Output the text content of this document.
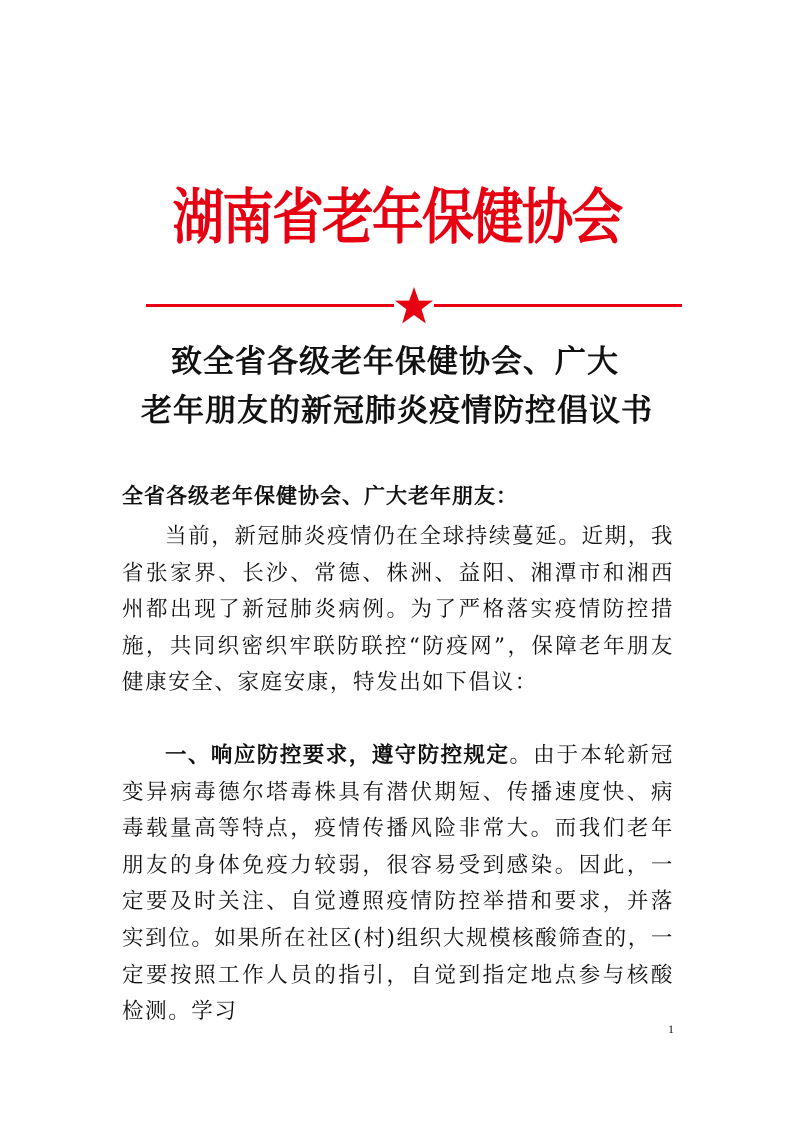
湖南省老年保健协会
致全省各级老年保健协会、广大
老年朋友的新冠肺炎疫情防控倡议书
全省各级老年保健协会、广大老年朋友：

当前，新冠肺炎疫情仍在全球持续蔓延。近期，我省张家界、长沙、常德、株洲、益阳、湘潭市和湘西州都出现了新冠肺炎病例。为了严格落实疫情防控措施，共同织密织牢联防联控“防疫网”，保障老年朋友健康安全、家庭安康，特发出如下倡议：

一、响应防控要求，遵守防控规定。由于本轮新冠变异病毒德尔塔毒株具有潜伏期短、传播速度快、病毒载量高等特点，疫情传播风险非常大。而我们老年朋友的身体免疫力较弱，很容易受到感染。因此，一定要及时关注、自觉遵照疫情防控举措和要求，并落实到位。如果所在社区(村)组织大规模核酸筛查的，一定要按照工作人员的指引，自觉到指定地点参与核酸检测。学习

1
